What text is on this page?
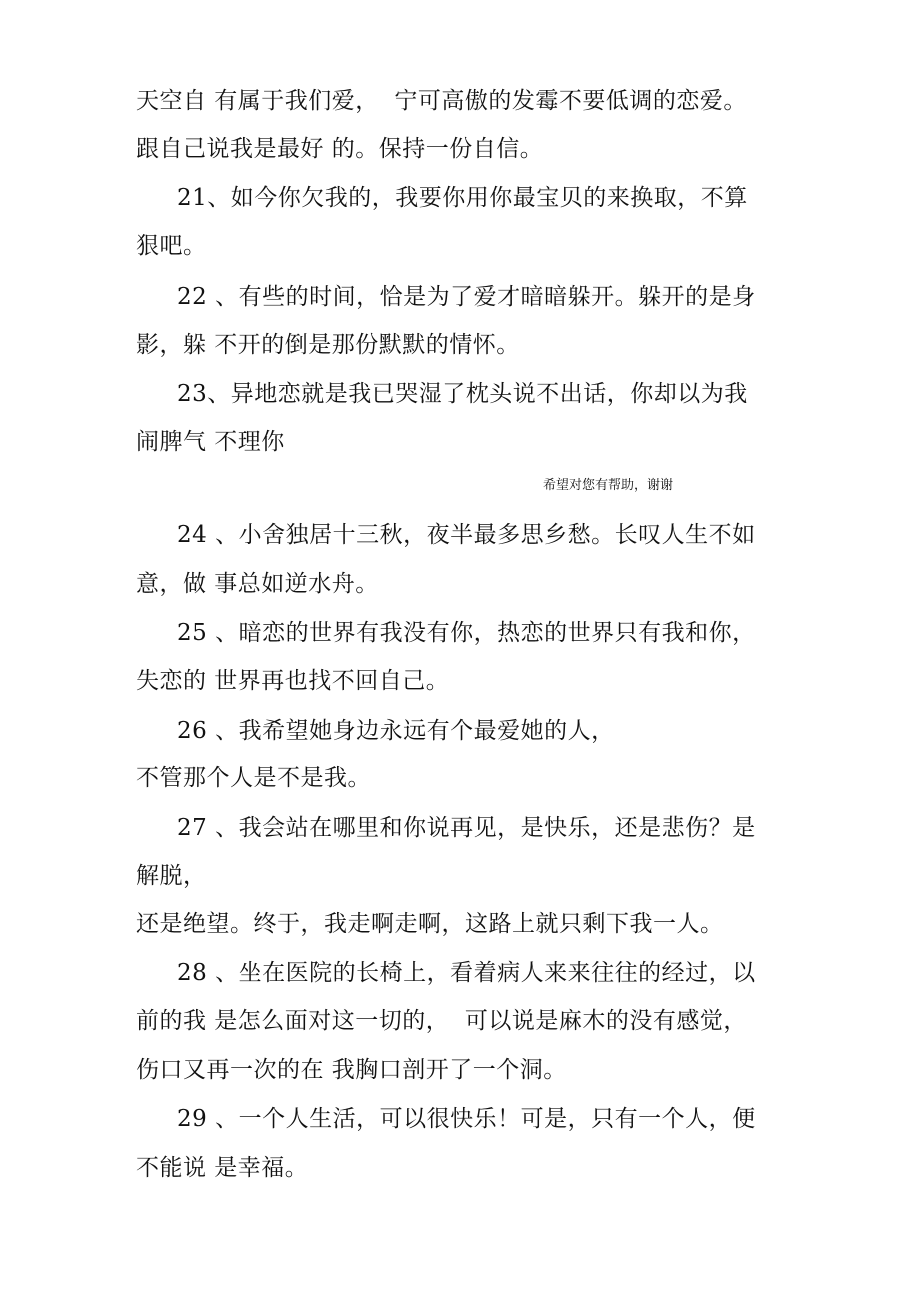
天空自 有属于我们爱，  宁可高傲的发霉不要低调的恋爱。
跟自己说我是最好 的。保持一份自信。
21、如今你欠我的，我要你用你最宝贝的来换取，不算
狠吧。
22 、有些的时间，恰是为了爱才暗暗躲开。躲开的是身
影，躲 不开的倒是那份默默的情怀。
23、异地恋就是我已哭湿了枕头说不出话，你却以为我
闹脾气 不理你
希望对您有帮助，谢谢
24 、小舍独居十三秋，夜半最多思乡愁。长叹人生不如
意，做 事总如逆水舟。
25 、暗恋的世界有我没有你，热恋的世界只有我和你，
失恋的 世界再也找不回自己。
26 、我希望她身边永远有个最爱她的人，
不管那个人是不是我。
27 、我会站在哪里和你说再见，是快乐，还是悲伤？是
解脱，
还是绝望。终于，我走啊走啊，这路上就只剩下我一人。
28 、坐在医院的长椅上，看着病人来来往往的经过，以
前的我 是怎么面对这一切的，  可以说是麻木的没有感觉，
伤口又再一次的在 我胸口剖开了一个洞。
29 、一个人生活，可以很快乐！可是，只有一个人，便
不能说 是幸福。
